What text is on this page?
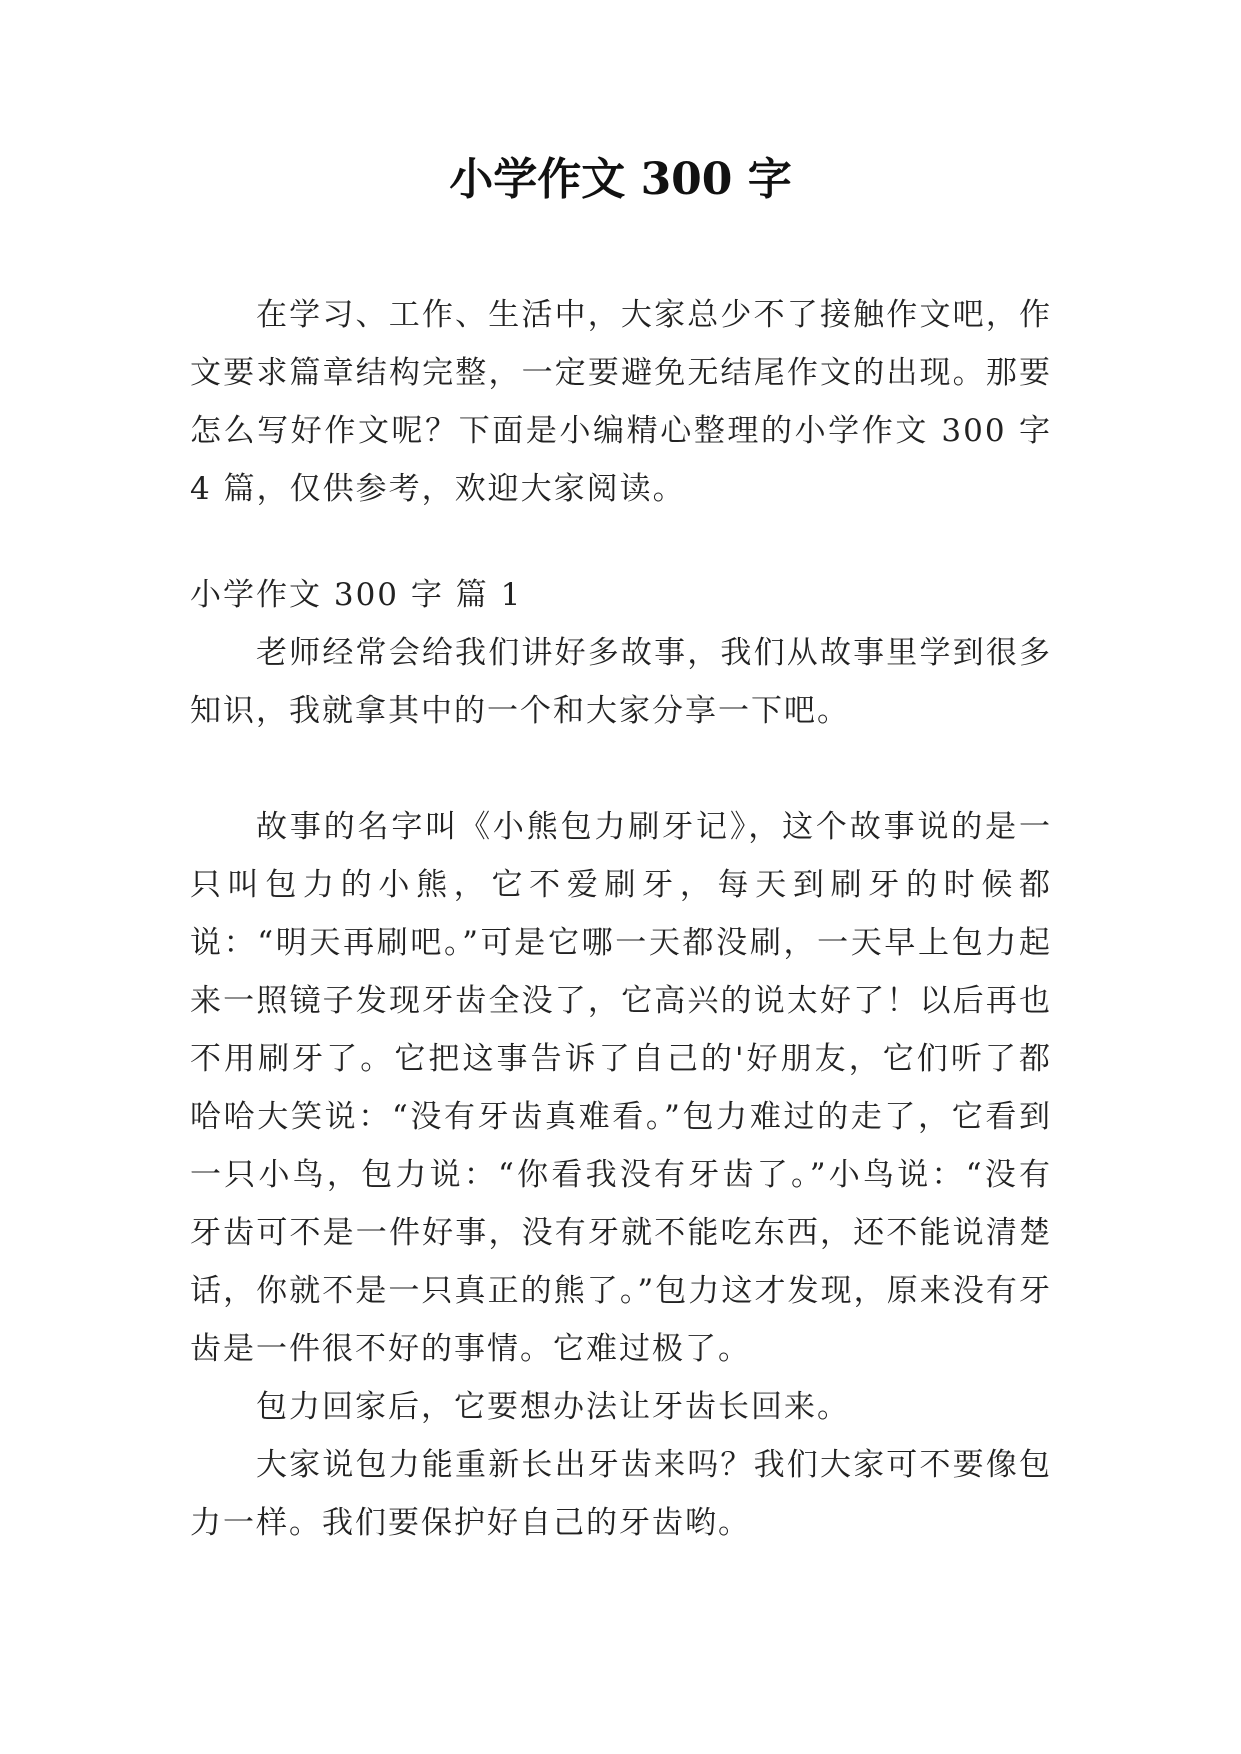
小学作文 300 字

在学习、工作、生活中，大家总少不了接触作文吧，作文要求篇章结构完整，一定要避免无结尾作文的出现。那要怎么写好作文呢？下面是小编精心整理的小学作文 300 字 4 篇，仅供参考，欢迎大家阅读。

小学作文 300 字 篇 1

老师经常会给我们讲好多故事，我们从故事里学到很多知识，我就拿其中的一个和大家分享一下吧。

故事的名字叫《小熊包力刷牙记》，这个故事说的是一只叫包力的小熊，它不爱刷牙，每天到刷牙的时候都说：“明天再刷吧。”可是它哪一天都没刷，一天早上包力起来一照镜子发现牙齿全没了，它高兴的说太好了！以后再也不用刷牙了。它把这事告诉了自己的'好朋友，它们听了都哈哈大笑说：“没有牙齿真难看。”包力难过的走了，它看到一只小鸟，包力说：“你看我没有牙齿了。”小鸟说：“没有牙齿可不是一件好事，没有牙就不能吃东西，还不能说清楚话，你就不是一只真正的熊了。”包力这才发现，原来没有牙齿是一件很不好的事情。它难过极了。

包力回家后，它要想办法让牙齿长回来。

大家说包力能重新长出牙齿来吗？我们大家可不要像包力一样。我们要保护好自己的牙齿哟。
